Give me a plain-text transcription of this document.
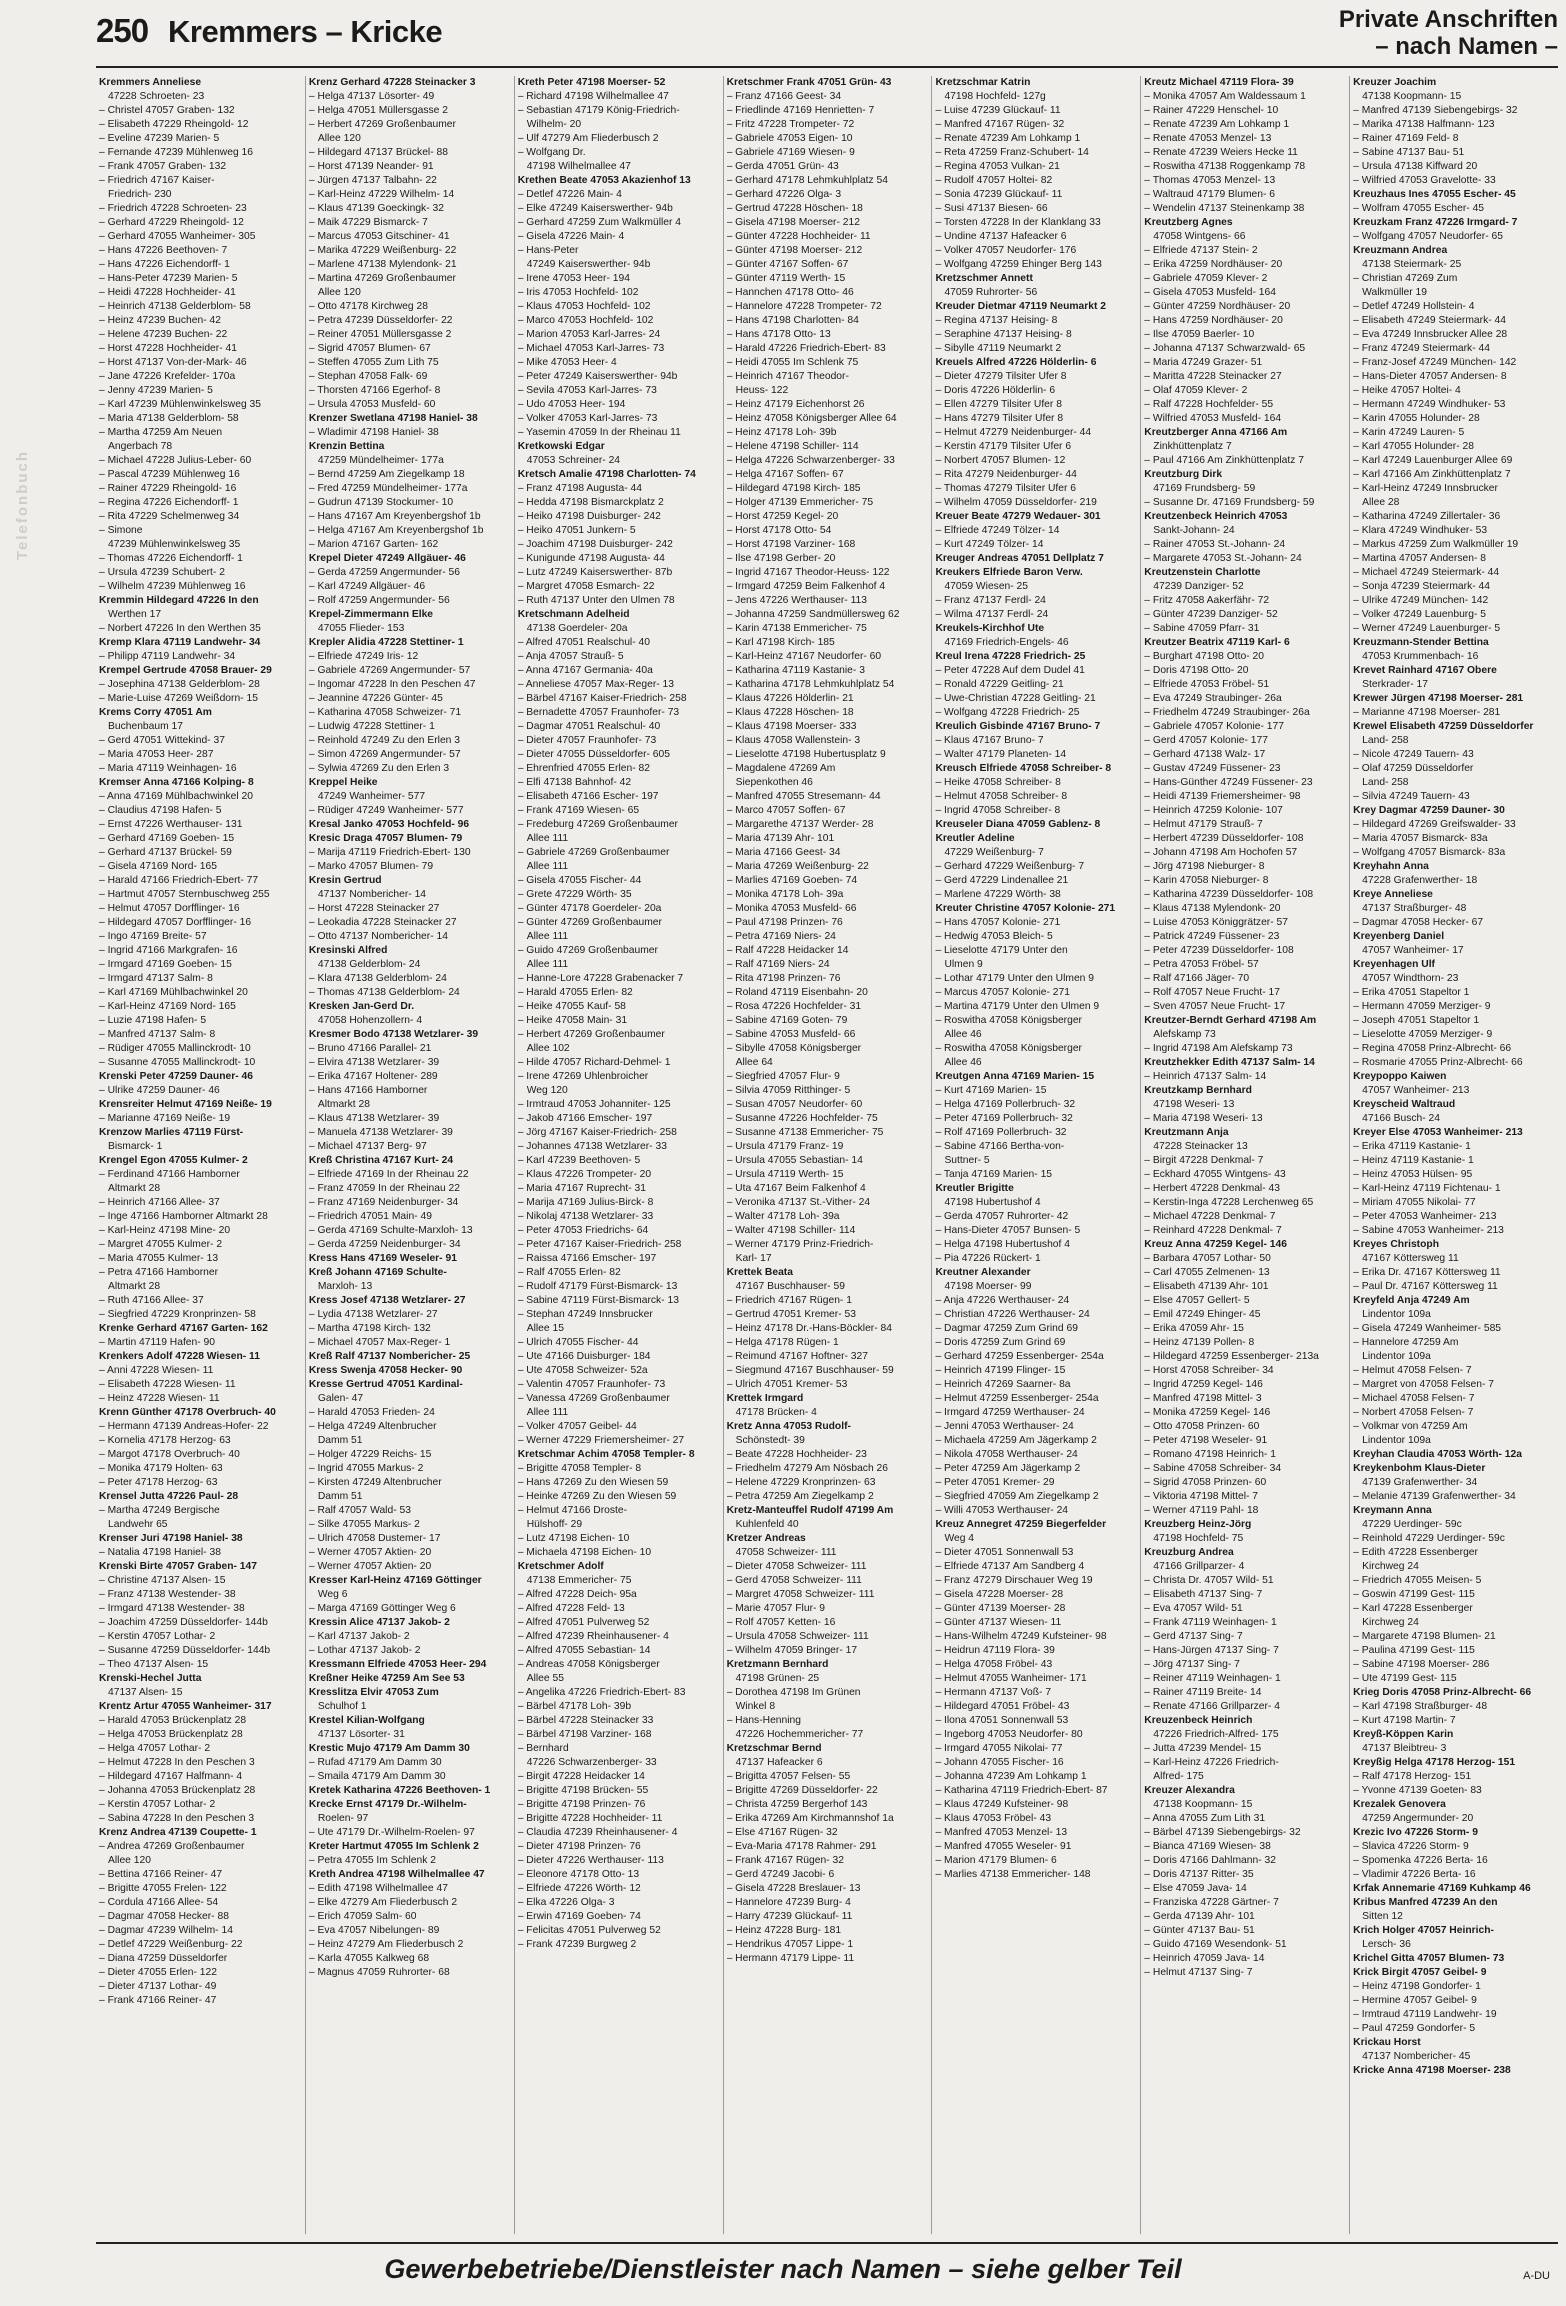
Telefonbuch
250 Kremmers – Kricke	Private Anschriften
– nach Namen –
Kremmers Anneliese
47228 Schroeten- 23
– Christel 47057 Graben- 132
– Elisabeth 47229 Rheingold- 12
– Eveline 47239 Marien- 5
– Fernande 47239 Mühlenweg 16
– Frank 47057 Graben- 132
– Friedrich 47167 Kaiser-
Friedrich- 230
– Friedrich 47228 Schroeten- 23
– Gerhard 47229 Rheingold- 12
– Gerhard 47055 Wanheimer- 305
– Hans 47226 Beethoven- 7
– Hans 47226 Eichendorff- 1
– Hans-Peter 47239 Marien- 5
– Heidi 47228 Hochheider- 41
– Heinrich 47138 Gelderblom- 58
– Heinz 47239 Buchen- 42
– Helene 47239 Buchen- 22
– Horst 47228 Hochheider- 41
– Horst 47137 Von-der-Mark- 46
– Jane 47226 Krefelder- 170a
– Jenny 47239 Marien- 5
– Karl 47239 Mühlenwinkelsweg 35
– Maria 47138 Gelderblom- 58
– Martha 47259 Am Neuen
Angerbach 78
– Michael 47228 Julius-Leber- 60
– Pascal 47239 Mühlenweg 16
– Rainer 47229 Rheingold- 16
– Regina 47226 Eichendorff- 1
– Rita 47229 Schelmenweg 34
– Simone
47239 Mühlenwinkelsweg 35
– Thomas 47226 Eichendorff- 1
– Ursula 47239 Schubert- 2
– Wilhelm 47239 Mühlenweg 16
Kremmin Hildegard 47226 In den
Werthen 17
– Norbert 47226 In den Werthen 35
Kremp Klara 47119 Landwehr- 34
– Philipp 47119 Landwehr- 34
Krempel Gertrude 47058 Brauer- 29
– Josephina 47138 Gelderblom- 28
– Marie-Luise 47269 Weißdorn- 15
Krems Corry 47051 Am
Buchenbaum 17
– Gerd 47051 Wittekind- 37
– Maria 47053 Heer- 287
– Maria 47119 Weinhagen- 16
Kremser Anna 47166 Kolping- 8
– Anna 47169 Mühlbachwinkel 20
– Claudius 47198 Hafen- 5
– Ernst 47226 Werthauser- 131
– Gerhard 47169 Goeben- 15
– Gerhard 47137 Brückel- 59
– Gisela 47169 Nord- 165
– Harald 47166 Friedrich-Ebert- 77
– Hartmut 47057 Sternbuschweg 255
– Helmut 47057 Dorfflinger- 16
– Hildegard 47057 Dorfflinger- 16
– Ingo 47169 Breite- 57
– Ingrid 47166 Markgrafen- 16
– Irmgard 47169 Goeben- 15
– Irmgard 47137 Salm- 8
– Karl 47169 Mühlbachwinkel 20
– Karl-Heinz 47169 Nord- 165
– Luzie 47198 Hafen- 5
– Manfred 47137 Salm- 8
– Rüdiger 47055 Mallinckrodt- 10
– Susanne 47055 Mallinckrodt- 10
Krenski Peter 47259 Dauner- 46
– Ulrike 47259 Dauner- 46
Krensreiter Helmut 47169 Neiße- 19
– Marianne 47169 Neiße- 19
Krenzow Marlies 47119 Fürst-
Bismarck- 1
Krengel Egon 47055 Kulmer- 2
– Ferdinand 47166 Hamborner
Altmarkt 28
– Heinrich 47166 Allee- 37
– Inge 47166 Hamborner Altmarkt 28
– Karl-Heinz 47198 Mine- 20
– Margret 47055 Kulmer- 2
– Maria 47055 Kulmer- 13
– Petra 47166 Hamborner
Altmarkt 28
– Ruth 47166 Allee- 37
– Siegfried 47229 Kronprinzen- 58
Krenke Gerhard 47167 Garten- 162
– Martin 47119 Hafen- 90
Krenkers Adolf 47228 Wiesen- 11
– Anni 47228 Wiesen- 11
– Elisabeth 47228 Wiesen- 11
– Heinz 47228 Wiesen- 11
Krenn Günther 47178 Overbruch- 40
– Hermann 47139 Andreas-Hofer- 22
– Kornelia 47178 Herzog- 63
– Margot 47178 Overbruch- 40
– Monika 47179 Holten- 63
– Peter 47178 Herzog- 63
Krensel Jutta 47226 Paul- 28
– Martha 47249 Bergische
Landwehr 65
Krenser Juri 47198 Haniel- 38
– Natalia 47198 Haniel- 38
Krenski Birte 47057 Graben- 147
– Christine 47137 Alsen- 15
– Franz 47138 Westender- 38
– Irmgard 47138 Westender- 38
– Joachim 47259 Düsseldorfer- 144b
– Kerstin 47057 Lothar- 2
– Susanne 47259 Düsseldorfer- 144b
– Theo 47137 Alsen- 15
Krenski-Hechel Jutta
47137 Alsen- 15
Krentz Artur 47055 Wanheimer- 317
– Harald 47053 Brückenplatz 28
– Helga 47053 Brückenplatz 28
– Helga 47057 Lothar- 2
– Helmut 47228 In den Peschen 3
– Hildegard 47167 Halfmann- 4
– Johanna 47053 Brückenplatz 28
– Kerstin 47057 Lothar- 2
– Sabina 47228 In den Peschen 3
Krenz Andrea 47139 Coupette- 1
– Andrea 47269 Großenbaumer
Allee 120
– Bettina 47166 Reiner- 47
– Brigitte 47055 Frelen- 122
– Cordula 47166 Allee- 54
– Dagmar 47058 Hecker- 88
– Dagmar 47239 Wilhelm- 14
– Detlef 47229 Weißenburg- 22
– Diana 47259 Düsseldorfer
– Dieter 47055 Erlen- 122
– Dieter 47137 Lothar- 49
– Frank 47166 Reiner- 47
Krenz Gerhard 47228 Steinacker 3
– Helga 47137 Lösorter- 49
– Helga 47051 Müllersgasse 2
– Herbert 47269 Großenbaumer
Allee 120
– Hildegard 47137 Brückel- 88
– Horst 47139 Neander- 91
– Jürgen 47137 Talbahn- 22
– Karl-Heinz 47229 Wilhelm- 14
– Klaus 47139 Goeckingk- 32
– Maik 47229 Bismarck- 7
– Marcus 47053 Gitschiner- 41
– Marika 47229 Weißenburg- 22
– Marlene 47138 Mylendonk- 21
– Martina 47269 Großenbaumer
Allee 120
– Otto 47178 Kirchweg 28
– Petra 47239 Düsseldorfer- 22
– Reiner 47051 Müllersgasse 2
– Sigrid 47057 Blumen- 67
– Steffen 47055 Zum Lith 75
– Stephan 47058 Falk- 69
– Thorsten 47166 Egerhof- 8
– Ursula 47053 Musfeld- 60
Krenzer Swetlana 47198 Haniel- 38
– Wladimir 47198 Haniel- 38
Krenzin Bettina
47259 Mündelheimer- 177a
– Bernd 47259 Am Ziegelkamp 18
– Fred 47259 Mündelheimer- 177a
– Gudrun 47139 Stockumer- 10
– Hans 47167 Am Kreyenbergshof 1b
– Helga 47167 Am Kreyenbergshof 1b
– Marion 47167 Garten- 162
Krepel Dieter 47249 Allgäuer- 46
– Gerda 47259 Angermunder- 56
– Karl 47249 Allgäuer- 46
– Rolf 47259 Angermunder- 56
Krepel-Zimmermann Elke
47055 Flieder- 153
Krepler Alidia 47228 Stettiner- 1
– Elfriede 47249 Iris- 12
– Gabriele 47269 Angermunder- 57
– Ingomar 47228 In den Peschen 47
– Jeannine 47226 Günter- 45
– Katharina 47058 Schweizer- 71
– Ludwig 47228 Stettiner- 1
– Reinhold 47249 Zu den Erlen 3
– Simon 47269 Angermunder- 57
– Sylwia 47269 Zu den Erlen 3
Kreppel Heike
47249 Wanheimer- 577
– Rüdiger 47249 Wanheimer- 577
Kresal Janko 47053 Hochfeld- 96
Kresic Draga 47057 Blumen- 79
– Marija 47119 Friedrich-Ebert- 130
– Marko 47057 Blumen- 79
Kresin Gertrud
47137 Nombericher- 14
– Horst 47228 Steinacker 27
– Leokadia 47228 Steinacker 27
– Otto 47137 Nombericher- 14
Kresinski Alfred
47138 Gelderblom- 24
– Klara 47138 Gelderblom- 24
– Thomas 47138 Gelderblom- 24
Kresken Jan-Gerd Dr.
47058 Hohenzollern- 4
Kresmer Bodo 47138 Wetzlarer- 39
– Bruno 47166 Parallel- 21
– Elvira 47138 Wetzlarer- 39
– Erika 47167 Holtener- 289
– Hans 47166 Hamborner
Altmarkt 28
– Klaus 47138 Wetzlarer- 39
– Manuela 47138 Wetzlarer- 39
– Michael 47137 Berg- 97
Kreß Christina 47167 Kurt- 24
– Elfriede 47169 In der Rheinau 22
– Franz 47059 In der Rheinau 22
– Franz 47169 Neidenburger- 34
– Friedrich 47051 Main- 49
– Gerda 47169 Schulte-Marxloh- 13
– Gerda 47259 Neidenburger- 34
Kress Hans 47169 Weseler- 91
Kreß Johann 47169 Schulte-
Marxloh- 13
Kress Josef 47138 Wetzlarer- 27
– Lydia 47138 Wetzlarer- 27
– Martha 47198 Kirch- 132
– Michael 47057 Max-Reger- 1
Kreß Ralf 47137 Nombericher- 25
Kress Swenja 47058 Hecker- 90
Kresse Gertrud 47051 Kardinal-
Galen- 47
– Harald 47053 Frieden- 24
– Helga 47249 Altenbrucher
Damm 51
– Holger 47229 Reichs- 15
– Ingrid 47055 Markus- 2
– Kirsten 47249 Altenbrucher
Damm 51
– Ralf 47057 Wald- 53
– Silke 47055 Markus- 2
– Ulrich 47058 Dustemer- 17
– Werner 47057 Aktien- 20
– Werner 47057 Aktien- 20
Kresser Karl-Heinz 47169 Göttinger
Weg 6
– Marga 47169 Göttinger Weg 6
Kressin Alice 47137 Jakob- 2
– Karl 47137 Jakob- 2
– Lothar 47137 Jakob- 2
Kressmann Elfriede 47053 Heer- 294
Kreßner Heike 47259 Am See 53
Kresslitza Elvir 47053 Zum
Schulhof 1
Krestel Kilian-Wolfgang
47137 Lösorter- 31
Krestic Mujo 47179 Am Damm 30
– Rufad 47179 Am Damm 30
– Smaila 47179 Am Damm 30
Kretek Katharina 47226 Beethoven- 1
Krecke Ernst 47179 Dr.-Wilhelm-
Roelen- 97
– Ute 47179 Dr.-Wilhelm-Roelen- 97
Kreter Hartmut 47055 Im Schlenk 2
– Petra 47055 Im Schlenk 2
Kreth Andrea 47198 Wilhelmallee 47
– Edith 47198 Wilhelmallee 47
– Elke 47279 Am Fliederbusch 2
– Erich 47059 Salm- 60
– Eva 47057 Nibelungen- 89
– Heinz 47279 Am Fliederbusch 2
– Karla 47055 Kalkweg 68
– Magnus 47059 Ruhrorter- 68
Kreth Peter 47198 Moerser- 52
– Richard 47198 Wilhelmallee 47
– Sebastian 47179 König-Friedrich-
Wilhelm- 20
– Ulf 47279 Am Fliederbusch 2
– Wolfgang Dr.
47198 Wilhelmallee 47
Krethen Beate 47053 Akazienhof 13
– Detlef 47226 Main- 4
– Elke 47249 Kaiserswerther- 94b
– Gerhard 47259 Zum Walkmüller 4
– Gisela 47226 Main- 4
– Hans-Peter
47249 Kaiserswerther- 94b
– Irene 47053 Heer- 194
– Iris 47053 Hochfeld- 102
– Klaus 47053 Hochfeld- 102
– Marco 47053 Hochfeld- 102
– Marion 47053 Karl-Jarres- 24
– Michael 47053 Karl-Jarres- 73
– Mike 47053 Heer- 4
– Peter 47249 Kaiserswerther- 94b
– Sevila 47053 Karl-Jarres- 73
– Udo 47053 Heer- 194
– Volker 47053 Karl-Jarres- 73
– Yasemin 47059 In der Rheinau 11
Kretkowski Edgar
47053 Schreiner- 24
Kretsch Amalie 47198 Charlotten- 74
– Franz 47198 Augusta- 44
– Hedda 47198 Bismarckplatz 2
– Heiko 47198 Duisburger- 242
– Heiko 47051 Junkern- 5
– Joachim 47198 Duisburger- 242
– Kunigunde 47198 Augusta- 44
– Lutz 47249 Kaiserswerther- 87b
– Margret 47058 Esmarch- 22
– Ruth 47137 Unter den Ulmen 78
Kretschmann Adelheid
47138 Goerdeler- 20a
– Alfred 47051 Realschul- 40
– Anja 47057 Strauß- 5
– Anna 47167 Germania- 40a
– Anneliese 47057 Max-Reger- 13
– Bärbel 47167 Kaiser-Friedrich- 258
– Bernadette 47057 Fraunhofer- 73
– Dagmar 47051 Realschul- 40
– Dieter 47057 Fraunhofer- 73
– Dieter 47055 Düsseldorfer- 605
– Ehrenfried 47055 Erlen- 82
– Elfi 47138 Bahnhof- 42
– Elisabeth 47166 Escher- 197
– Frank 47169 Wiesen- 65
– Fredeburg 47269 Großenbaumer
Allee 111
– Gabriele 47269 Großenbaumer
Allee 111
– Gisela 47055 Fischer- 44
– Grete 47229 Wörth- 35
– Günter 47178 Goerdeler- 20a
– Günter 47269 Großenbaumer
Allee 111
– Guido 47269 Großenbaumer
Allee 111
– Hanne-Lore 47228 Grabenacker 7
– Harald 47055 Erlen- 82
– Heike 47055 Kauf- 58
– Heike 47058 Main- 31
– Herbert 47269 Großenbaumer
Allee 102
– Hilde 47057 Richard-Dehmel- 1
– Irene 47269 Uhlenbroicher
Weg 120
– Irmtraud 47053 Johanniter- 125
– Jakob 47166 Emscher- 197
– Jörg 47167 Kaiser-Friedrich- 258
– Johannes 47138 Wetzlarer- 33
– Karl 47239 Beethoven- 5
– Klaus 47226 Trompeter- 20
– Maria 47167 Ruprecht- 31
– Marija 47169 Julius-Birck- 8
– Nikolaj 47138 Wetzlarer- 33
– Peter 47053 Friedrichs- 64
– Peter 47167 Kaiser-Friedrich- 258
– Raissa 47166 Emscher- 197
– Ralf 47055 Erlen- 82
– Rudolf 47179 Fürst-Bismarck- 13
– Sabine 47119 Fürst-Bismarck- 13
– Stephan 47249 Innsbrucker
Allee 15
– Ulrich 47055 Fischer- 44
– Ute 47166 Duisburger- 184
– Ute 47058 Schweizer- 52a
– Valentin 47057 Fraunhofer- 73
– Vanessa 47269 Großenbaumer
Allee 111
– Volker 47057 Geibel- 44
– Werner 47229 Friemersheimer- 27
Kretschmar Achim 47058 Templer- 8
– Brigitte 47058 Templer- 8
– Hans 47269 Zu den Wiesen 59
– Heinke 47269 Zu den Wiesen 59
– Helmut 47166 Droste-
Hülshoff- 29
– Lutz 47198 Eichen- 10
– Michaela 47198 Eichen- 10
Kretschmer Adolf
47138 Emmericher- 75
– Alfred 47228 Deich- 95a
– Alfred 47228 Feld- 13
– Alfred 47051 Pulverweg 52
– Alfred 47239 Rheinhausener- 4
– Alfred 47055 Sebastian- 14
– Andreas 47058 Königsberger
Allee 55
– Angelika 47226 Friedrich-Ebert- 83
– Bärbel 47178 Loh- 39b
– Bärbel 47228 Steinacker 33
– Bärbel 47198 Varziner- 168
– Bernhard
47226 Schwarzenberger- 33
– Birgit 47228 Heidacker 14
– Brigitte 47198 Brücken- 55
– Brigitte 47198 Prinzen- 76
– Brigitte 47228 Hochheider- 11
– Claudia 47239 Rheinhausener- 4
– Dieter 47198 Prinzen- 76
– Dieter 47226 Werthauser- 113
– Eleonore 47178 Otto- 13
– Elfriede 47226 Wörth- 12
– Elka 47226 Olga- 3
– Erwin 47169 Goeben- 74
– Felicitas 47051 Pulverweg 52
– Frank 47239 Burgweg 2
Kretschmer Frank 47051 Grün- 43
– Franz 47166 Geest- 34
– Friedlinde 47169 Henrietten- 7
– Fritz 47228 Trompeter- 72
– Gabriele 47053 Eigen- 10
– Gabriele 47169 Wiesen- 9
– Gerda 47051 Grün- 43
– Gerhard 47178 Lehmkuhlplatz 54
– Gerhard 47226 Olga- 3
– Gertrud 47228 Höschen- 18
– Gisela 47198 Moerser- 212
– Günter 47228 Hochheider- 11
– Günter 47198 Moerser- 212
– Günter 47167 Soffen- 67
– Günter 47119 Werth- 15
– Hannchen 47178 Otto- 46
– Hannelore 47228 Trompeter- 72
– Hans 47198 Charlotten- 84
– Hans 47178 Otto- 13
– Harald 47226 Friedrich-Ebert- 83
– Heidi 47055 Im Schlenk 75
– Heinrich 47167 Theodor-
Heuss- 122
– Heinz 47179 Eichenhorst 26
– Heinz 47058 Königsberger Allee 64
– Heinz 47178 Loh- 39b
– Helene 47198 Schiller- 114
– Helga 47226 Schwarzenberger- 33
– Helga 47167 Soffen- 67
– Hildegard 47198 Kirch- 185
– Holger 47139 Emmericher- 75
– Horst 47259 Kegel- 20
– Horst 47178 Otto- 54
– Horst 47198 Varziner- 168
– Ilse 47198 Gerber- 20
– Ingrid 47167 Theodor-Heuss- 122
– Irmgard 47259 Beim Falkenhof 4
– Jens 47226 Werthauser- 113
– Johanna 47259 Sandmüllersweg 62
– Karin 47138 Emmericher- 75
– Karl 47198 Kirch- 185
– Karl-Heinz 47167 Neudorfer- 60
– Katharina 47119 Kastanie- 3
– Katharina 47178 Lehmkuhlplatz 54
– Klaus 47226 Hölderlin- 21
– Klaus 47228 Höschen- 18
– Klaus 47198 Moerser- 333
– Klaus 47058 Wallenstein- 3
– Lieselotte 47198 Hubertusplatz 9
– Magdalene 47269 Am
Siepenkothen 46
– Manfred 47055 Stresemann- 44
– Marco 47057 Soffen- 67
– Margarethe 47137 Werder- 28
– Maria 47139 Ahr- 101
– Maria 47166 Geest- 34
– Maria 47269 Weißenburg- 22
– Marlies 47169 Goeben- 74
– Monika 47178 Loh- 39a
– Monika 47053 Musfeld- 66
– Paul 47198 Prinzen- 76
– Petra 47169 Niers- 24
– Ralf 47228 Heidacker 14
– Ralf 47169 Niers- 24
– Rita 47198 Prinzen- 76
– Roland 47119 Eisenbahn- 20
– Rosa 47226 Hochfelder- 31
– Sabine 47169 Goten- 79
– Sabine 47053 Musfeld- 66
– Sibylle 47058 Königsberger
Allee 64
– Siegfried 47057 Flur- 9
– Silvia 47059 Ritthinger- 5
– Susan 47057 Neudorfer- 60
– Susanne 47226 Hochfelder- 75
– Susanne 47138 Emmericher- 75
– Ursula 47179 Franz- 19
– Ursula 47055 Sebastian- 14
– Ursula 47119 Werth- 15
– Uta 47167 Beim Falkenhof 4
– Veronika 47137 St.-Vither- 24
– Walter 47178 Loh- 39a
– Walter 47198 Schiller- 114
– Werner 47179 Prinz-Friedrich-
Karl- 17
Krettek Beata
47167 Buschhauser- 59
– Friedrich 47167 Rügen- 1
– Gertrud 47051 Kremer- 53
– Heinz 47178 Dr.-Hans-Böckler- 84
– Helga 47178 Rügen- 1
– Reimund 47167 Hoftner- 327
– Siegmund 47167 Buschhauser- 59
– Ulrich 47051 Kremer- 53
Krettek Irmgard
47178 Brücken- 4
Kretz Anna 47053 Rudolf-
Schönstedt- 39
– Beate 47228 Hochheider- 23
– Friedhelm 47279 Am Nösbach 26
– Helene 47229 Kronprinzen- 63
– Petra 47259 Am Ziegelkamp 2
Kretz-Manteuffel Rudolf 47199 Am
Kuhlenfeld 40
Kretzer Andreas
47058 Schweizer- 111
– Dieter 47058 Schweizer- 111
– Gerd 47058 Schweizer- 111
– Margret 47058 Schweizer- 111
– Marie 47057 Flur- 9
– Rolf 47057 Ketten- 16
– Ursula 47058 Schweizer- 111
– Wilhelm 47059 Bringer- 17
Kretzmann Bernhard
47198 Grünen- 25
– Dorothea 47198 Im Grünen
Winkel 8
– Hans-Henning
47226 Hochemmericher- 77
Kretzschmar Bernd
47137 Hafeacker 6
– Brigitta 47057 Felsen- 55
– Brigitte 47269 Düsseldorfer- 22
– Christa 47259 Bergerhof 143
– Erika 47269 Am Kirchmannshof 1a
– Else 47167 Rügen- 32
– Eva-Maria 47178 Rahmer- 291
– Frank 47167 Rügen- 32
– Gerd 47249 Jacobi- 6
– Gisela 47228 Breslauer- 13
– Hannelore 47239 Burg- 4
– Harry 47239 Glückauf- 11
– Heinz 47228 Burg- 181
– Hendrikus 47057 Lippe- 1
– Hermann 47179 Lippe- 11
Kretzschmar Katrin
47198 Hochfeld- 127g
– Luise 47239 Glückauf- 11
– Manfred 47167 Rügen- 32
– Renate 47239 Am Lohkamp 1
– Reta 47259 Franz-Schubert- 14
– Regina 47053 Vulkan- 21
– Rudolf 47057 Holtei- 82
– Sonia 47239 Glückauf- 11
– Susi 47137 Biesen- 66
– Torsten 47228 In der Klanklang 33
– Undine 47137 Hafeacker 6
– Volker 47057 Neudorfer- 176
– Wolfgang 47259 Ehinger Berg 143
Kretzschmer Annett
47059 Ruhrorter- 56
Kreuder Dietmar 47119 Neumarkt 2
– Regina 47137 Heising- 8
– Seraphine 47137 Heising- 8
– Sibylle 47119 Neumarkt 2
Kreuels Alfred 47226 Hölderlin- 6
– Dieter 47279 Tilsiter Ufer 8
– Doris 47226 Hölderlin- 6
– Ellen 47279 Tilsiter Ufer 8
– Hans 47279 Tilsiter Ufer 8
– Helmut 47279 Neidenburger- 44
– Kerstin 47179 Tilsiter Ufer 6
– Norbert 47057 Blumen- 12
– Rita 47279 Neidenburger- 44
– Thomas 47279 Tilsiter Ufer 6
– Wilhelm 47059 Düsseldorfer- 219
Kreuer Beate 47279 Wedauer- 301
– Elfriede 47249 Tölzer- 14
– Kurt 47249 Tölzer- 14
Kreuger Andreas 47051 Dellplatz 7
Kreukers Elfriede Baron Verw.
47059 Wiesen- 25
– Franz 47137 Ferdl- 24
– Wilma 47137 Ferdl- 24
Kreukels-Kirchhof Ute
47169 Friedrich-Engels- 46
Kreul Irena 47228 Friedrich- 25
– Peter 47228 Auf dem Dudel 41
– Ronald 47229 Geitling- 21
– Uwe-Christian 47228 Geitling- 21
– Wolfgang 47228 Friedrich- 25
Kreulich Gisbinde 47167 Bruno- 7
– Klaus 47167 Bruno- 7
– Walter 47179 Planeten- 14
Kreusch Elfriede 47058 Schreiber- 8
– Heike 47058 Schreiber- 8
– Helmut 47058 Schreiber- 8
– Ingrid 47058 Schreiber- 8
Kreuseler Diana 47059 Gablenz- 8
Kreutler Adeline
47229 Weißenburg- 7
– Gerhard 47229 Weißenburg- 7
– Gerd 47229 Lindenallee 21
– Marlene 47229 Wörth- 38
Kreuter Christine 47057 Kolonie- 271
– Hans 47057 Kolonie- 271
– Hedwig 47053 Bleich- 5
– Lieselotte 47179 Unter den
Ulmen 9
– Lothar 47179 Unter den Ulmen 9
– Marcus 47057 Kolonie- 271
– Martina 47179 Unter den Ulmen 9
– Roswitha 47058 Königsberger
Allee 46
– Roswitha 47058 Königsberger
Allee 46
Kreutgen Anna 47169 Marien- 15
– Kurt 47169 Marien- 15
– Helga 47169 Pollerbruch- 32
– Peter 47169 Pollerbruch- 32
– Rolf 47169 Pollerbruch- 32
– Sabine 47166 Bertha-von-
Suttner- 5
– Tanja 47169 Marien- 15
Kreutler Brigitte
47198 Hubertushof 4
– Gerda 47057 Ruhrorter- 42
– Hans-Dieter 47057 Bunsen- 5
– Helga 47198 Hubertushof 4
– Pia 47226 Rückert- 1
Kreutner Alexander
47198 Moerser- 99
– Anja 47226 Werthauser- 24
– Christian 47226 Werthauser- 24
– Dagmar 47259 Zum Grind 69
– Doris 47259 Zum Grind 69
– Gerhard 47259 Essenberger- 254a
– Heinrich 47199 Flinger- 15
– Heinrich 47269 Saarner- 8a
– Helmut 47259 Essenberger- 254a
– Irmgard 47259 Werthauser- 24
– Jenni 47053 Werthauser- 24
– Michaela 47259 Am Jägerkamp 2
– Nikola 47058 Werthauser- 24
– Peter 47259 Am Jägerkamp 2
– Peter 47051 Kremer- 29
– Siegfried 47059 Am Ziegelkamp 2
– Willi 47053 Werthauser- 24
Kreuz Annegret 47259 Biegerfelder
Weg 4
– Dieter 47051 Sonnenwall 53
– Elfriede 47137 Am Sandberg 4
– Franz 47279 Dirschauer Weg 19
– Gisela 47228 Moerser- 28
– Günter 47139 Moerser- 28
– Günter 47137 Wiesen- 11
– Hans-Wilhelm 47249 Kufsteiner- 98
– Heidrun 47119 Flora- 39
– Helga 47058 Fröbel- 43
– Helmut 47055 Wanheimer- 171
– Hermann 47137 Voß- 7
– Hildegard 47051 Fröbel- 43
– Ilona 47051 Sonnenwall 53
– Ingeborg 47053 Neudorfer- 80
– Irmgard 47055 Nikolai- 77
– Johann 47055 Fischer- 16
– Johanna 47239 Am Lohkamp 1
– Katharina 47119 Friedrich-Ebert- 87
– Klaus 47249 Kufsteiner- 98
– Klaus 47053 Fröbel- 43
– Manfred 47053 Menzel- 13
– Manfred 47055 Weseler- 91
– Marion 47179 Blumen- 6
– Marlies 47138 Emmericher- 148
Kreutz Michael 47119 Flora- 39
– Monika 47057 Am Waldessaum 1
– Rainer 47229 Henschel- 10
– Renate 47239 Am Lohkamp 1
– Renate 47053 Menzel- 13
– Renate 47239 Weiers Hecke 11
– Roswitha 47138 Roggenkamp 78
– Thomas 47053 Menzel- 13
– Waltraud 47179 Blumen- 6
– Wendelin 47137 Steinenkamp 38
Kreutzberg Agnes
47058 Wintgens- 66
– Elfriede 47137 Stein- 2
– Erika 47259 Nordhäuser- 20
– Gabriele 47059 Klever- 2
– Gisela 47053 Musfeld- 164
– Günter 47259 Nordhäuser- 20
– Hans 47259 Nordhäuser- 20
– Ilse 47059 Baerler- 10
– Johanna 47137 Schwarzwald- 65
– Maria 47249 Grazer- 51
– Maritta 47228 Steinacker 27
– Olaf 47059 Klever- 2
– Ralf 47228 Hochfelder- 55
– Wilfried 47053 Musfeld- 164
Kreutzberger Anna 47166 Am
Zinkhüttenplatz 7
– Paul 47166 Am Zinkhüttenplatz 7
Kreutzburg Dirk
47169 Frundsberg- 59
– Susanne Dr. 47169 Frundsberg- 59
Kreutzenbeck Heinrich 47053
Sankt-Johann- 24
– Rainer 47053 St.-Johann- 24
– Margarete 47053 St.-Johann- 24
Kreutzenstein Charlotte
47239 Danziger- 52
– Fritz 47058 Aakerfähr- 72
– Günter 47239 Danziger- 52
– Sabine 47059 Pfarr- 31
Kreutzer Beatrix 47119 Karl- 6
– Burghart 47198 Otto- 20
– Doris 47198 Otto- 20
– Elfriede 47053 Fröbel- 51
– Eva 47249 Straubinger- 26a
– Friedhelm 47249 Straubinger- 26a
– Gabriele 47057 Kolonie- 177
– Gerd 47057 Kolonie- 177
– Gerhard 47138 Walz- 17
– Gustav 47249 Füssener- 23
– Hans-Günther 47249 Füssener- 23
– Heidi 47139 Friemersheimer- 98
– Heinrich 47259 Kolonie- 107
– Helmut 47179 Strauß- 7
– Herbert 47239 Düsseldorfer- 108
– Johann 47198 Am Hochofen 57
– Jörg 47198 Nieburger- 8
– Karin 47058 Nieburger- 8
– Katharina 47239 Düsseldorfer- 108
– Klaus 47138 Mylendonk- 20
– Luise 47053 Königgrätzer- 57
– Patrick 47249 Füssener- 23
– Peter 47239 Düsseldorfer- 108
– Petra 47053 Fröbel- 57
– Ralf 47166 Jäger- 70
– Rolf 47057 Neue Frucht- 17
– Sven 47057 Neue Frucht- 17
Kreutzer-Berndt Gerhard 47198 Am
Alefskamp 73
– Ingrid 47198 Am Alefskamp 73
Kreutzhekker Edith 47137 Salm- 14
– Heinrich 47137 Salm- 14
Kreutzkamp Bernhard
47198 Weseri- 13
– Maria 47198 Weseri- 13
Kreutzmann Anja
47228 Steinacker 13
– Birgit 47228 Denkmal- 7
– Eckhard 47055 Wintgens- 43
– Herbert 47228 Denkmal- 43
– Kerstin-Inga 47228 Lerchenweg 65
– Michael 47228 Denkmal- 7
– Reinhard 47228 Denkmal- 7
Kreuz Anna 47259 Kegel- 146
– Barbara 47057 Lothar- 50
– Carl 47055 Zelmenen- 13
– Elisabeth 47139 Ahr- 101
– Else 47057 Gellert- 5
– Emil 47249 Ehinger- 45
– Erika 47059 Ahr- 15
– Heinz 47139 Pollen- 8
– Hildegard 47259 Essenberger- 213a
– Horst 47058 Schreiber- 34
– Ingrid 47259 Kegel- 146
– Manfred 47198 Mittel- 3
– Monika 47259 Kegel- 146
– Otto 47058 Prinzen- 60
– Peter 47198 Weseler- 91
– Romano 47198 Heinrich- 1
– Sabine 47058 Schreiber- 34
– Sigrid 47058 Prinzen- 60
– Viktoria 47198 Mittel- 7
– Werner 47119 Pahl- 18
Kreuzberg Heinz-Jörg
47198 Hochfeld- 75
Kreuzburg Andrea
47166 Grillparzer- 4
– Christa Dr. 47057 Wild- 51
– Elisabeth 47137 Sing- 7
– Eva 47057 Wild- 51
– Frank 47119 Weinhagen- 1
– Gerd 47137 Sing- 7
– Hans-Jürgen 47137 Sing- 7
– Jörg 47137 Sing- 7
– Reiner 47119 Weinhagen- 1
– Rainer 47119 Breite- 14
– Renate 47166 Grillparzer- 4
Kreuzenbeck Heinrich
47226 Friedrich-Alfred- 175
– Jutta 47239 Mendel- 15
– Karl-Heinz 47226 Friedrich-
Alfred- 175
Kreuzer Alexandra
47138 Koopmann- 15
– Anna 47055 Zum Lith 31
– Bärbel 47139 Siebengebirgs- 32
– Bianca 47169 Wiesen- 38
– Doris 47166 Dahlmann- 32
– Doris 47137 Ritter- 35
– Else 47059 Java- 14
– Franziska 47228 Gärtner- 7
– Gerda 47139 Ahr- 101
– Günter 47137 Bau- 51
– Guido 47169 Wesendonk- 51
– Heinrich 47059 Java- 14
– Helmut 47137 Sing- 7
Kreuzer Joachim
47138 Koopmann- 15
– Manfred 47139 Siebengebirgs- 32
– Marika 47138 Halfmann- 123
– Rainer 47169 Feld- 8
– Sabine 47137 Bau- 51
– Ursula 47138 Kiffward 20
– Wilfried 47053 Gravelotte- 33
Kreuzhaus Ines 47055 Escher- 45
– Wolfram 47055 Escher- 45
Kreuzkam Franz 47226 Irmgard- 7
– Wolfgang 47057 Neudorfer- 65
Kreuzmann Andrea
47138 Steiermark- 25
– Christian 47269 Zum
Walkmüller 19
– Detlef 47249 Hollstein- 4
– Elisabeth 47249 Steiermark- 44
– Eva 47249 Innsbrucker Allee 28
– Franz 47249 Steiermark- 44
– Franz-Josef 47249 München- 142
– Hans-Dieter 47057 Andersen- 8
– Heike 47057 Holtei- 4
– Hermann 47249 Windhuker- 53
– Karin 47055 Holunder- 28
– Karin 47249 Lauren- 5
– Karl 47055 Holunder- 28
– Karl 47249 Lauenburger Allee 69
– Karl 47166 Am Zinkhüttenplatz 7
– Karl-Heinz 47249 Innsbrucker
Allee 28
– Katharina 47249 Zillertaler- 36
– Klara 47249 Windhuker- 53
– Markus 47259 Zum Walkmüller 19
– Martina 47057 Andersen- 8
– Michael 47249 Steiermark- 44
– Sonja 47239 Steiermark- 44
– Ulrike 47249 München- 142
– Volker 47249 Lauenburg- 5
– Werner 47249 Lauenburger- 5
Kreuzmann-Stender Bettina
47053 Krummenbach- 16
Krevet Rainhard 47167 Obere
Sterkrader- 17
Krewer Jürgen 47198 Moerser- 281
– Marianne 47198 Moerser- 281
Krewel Elisabeth 47259 Düsseldorfer
Land- 258
– Nicole 47249 Tauern- 43
– Olaf 47259 Düsseldorfer
Land- 258
– Silvia 47249 Tauern- 43
Krey Dagmar 47259 Dauner- 30
– Hildegard 47269 Greifswalder- 33
– Maria 47057 Bismarck- 83a
– Wolfgang 47057 Bismarck- 83a
Kreyhahn Anna
47228 Grafenwerther- 18
Kreye Anneliese
47137 Straßburger- 48
– Dagmar 47058 Hecker- 67
Kreyenberg Daniel
47057 Wanheimer- 17
Kreyenhagen Ulf
47057 Windthorn- 23
– Erika 47051 Stapeltor 1
– Hermann 47059 Merziger- 9
– Joseph 47051 Stapeltor 1
– Lieselotte 47059 Merziger- 9
– Regina 47058 Prinz-Albrecht- 66
– Rosmarie 47055 Prinz-Albrecht- 66
Kreypoppo Kaiwen
47057 Wanheimer- 213
Kreyscheid Waltraud
47166 Busch- 24
Kreyer Else 47053 Wanheimer- 213
– Erika 47119 Kastanie- 1
– Heinz 47119 Kastanie- 1
– Heinz 47053 Hülsen- 95
– Karl-Heinz 47119 Fichtenau- 1
– Miriam 47055 Nikolai- 77
– Peter 47053 Wanheimer- 213
– Sabine 47053 Wanheimer- 213
Kreyes Christoph
47167 Köttersweg 11
– Erika Dr. 47167 Köttersweg 11
– Paul Dr. 47167 Köttersweg 11
Kreyfeld Anja 47249 Am
Lindentor 109a
– Gisela 47249 Wanheimer- 585
– Hannelore 47259 Am
Lindentor 109a
– Helmut 47058 Felsen- 7
– Margret von 47058 Felsen- 7
– Michael 47058 Felsen- 7
– Norbert 47058 Felsen- 7
– Volkmar von 47259 Am
Lindentor 109a
Kreyhan Claudia 47053 Wörth- 12a
Kreykenbohm Klaus-Dieter
47139 Grafenwerther- 34
– Melanie 47139 Grafenwerther- 34
Kreymann Anna
47229 Uerdinger- 59c
– Reinhold 47229 Uerdinger- 59c
– Edith 47228 Essenberger
Kirchweg 24
– Friedrich 47055 Meisen- 5
– Goswin 47199 Gest- 115
– Karl 47228 Essenberger
Kirchweg 24
– Margarete 47198 Blumen- 21
– Paulina 47199 Gest- 115
– Sabine 47198 Moerser- 286
– Ute 47199 Gest- 115
Krieg Doris 47058 Prinz-Albrecht- 66
– Karl 47198 Straßburger- 48
– Kurt 47198 Martin- 7
Kreyß-Köppen Karin
47137 Bleibtreu- 3
Kreyßig Helga 47178 Herzog- 151
– Ralf 47178 Herzog- 151
– Yvonne 47139 Goeten- 83
Krezalek Genovera
47259 Angermunder- 20
Krezic Ivo 47226 Storm- 9
– Slavica 47226 Storm- 9
– Spomenka 47226 Berta- 16
– Vladimir 47226 Berta- 16
Krfak Annemarie 47169 Kuhkamp 46
Kribus Manfred 47239 An den
Sitten 12
Krich Holger 47057 Heinrich-
Lersch- 36
Krichel Gitta 47057 Blumen- 73
Krick Birgit 47057 Geibel- 9
– Heinz 47198 Gondorfer- 1
– Hermine 47057 Geibel- 9
– Irmtraud 47119 Landwehr- 19
– Paul 47259 Gondorfer- 5
Krickau Horst
47137 Nombericher- 45
Kricke Anna 47198 Moerser- 238
Gewerbebetriebe/Dienstleister nach Namen – siehe gelber Teil	A-DU
